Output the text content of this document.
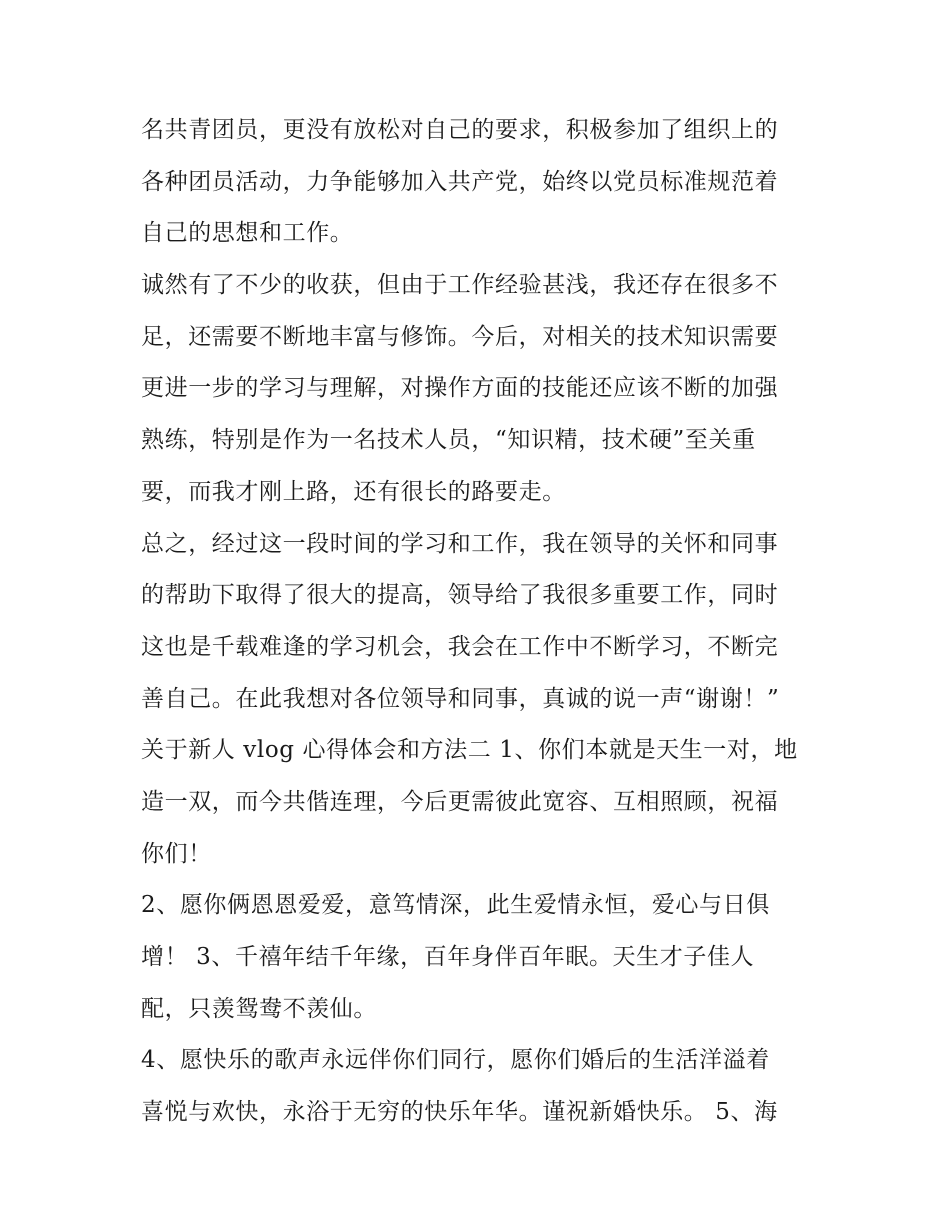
名共青团员，更没有放松对自己的要求，积极参加了组织上的
各种团员活动，力争能够加入共产党，始终以党员标准规范着
自己的思想和工作。
诚然有了不少的收获，但由于工作经验甚浅，我还存在很多不
足，还需要不断地丰富与修饰。今后，对相关的技术知识需要
更进一步的学习与理解，对操作方面的技能还应该不断的加强
熟练，特别是作为一名技术人员，“知识精，技术硬”至关重
要，而我才刚上路，还有很长的路要走。
总之，经过这一段时间的学习和工作，我在领导的关怀和同事
的帮助下取得了很大的提高，领导给了我很多重要工作，同时
这也是千载难逢的学习机会，我会在工作中不断学习，不断完
善自己。在此我想对各位领导和同事，真诚的说一声“谢谢！”
关于新人 vlog 心得体会和方法二 1、你们本就是天生一对，地
造一双，而今共偕连理，今后更需彼此宽容、互相照顾，祝福
你们！
2、愿你俩恩恩爱爱，意笃情深，此生爱情永恒，爱心与日俱
增！ 3、千禧年结千年缘，百年身伴百年眠。天生才子佳人
配，只羡鸳鸯不羡仙。
4、愿快乐的歌声永远伴你们同行，愿你们婚后的生活洋溢着
喜悦与欢快，永浴于无穷的快乐年华。谨祝新婚快乐。 5、海
